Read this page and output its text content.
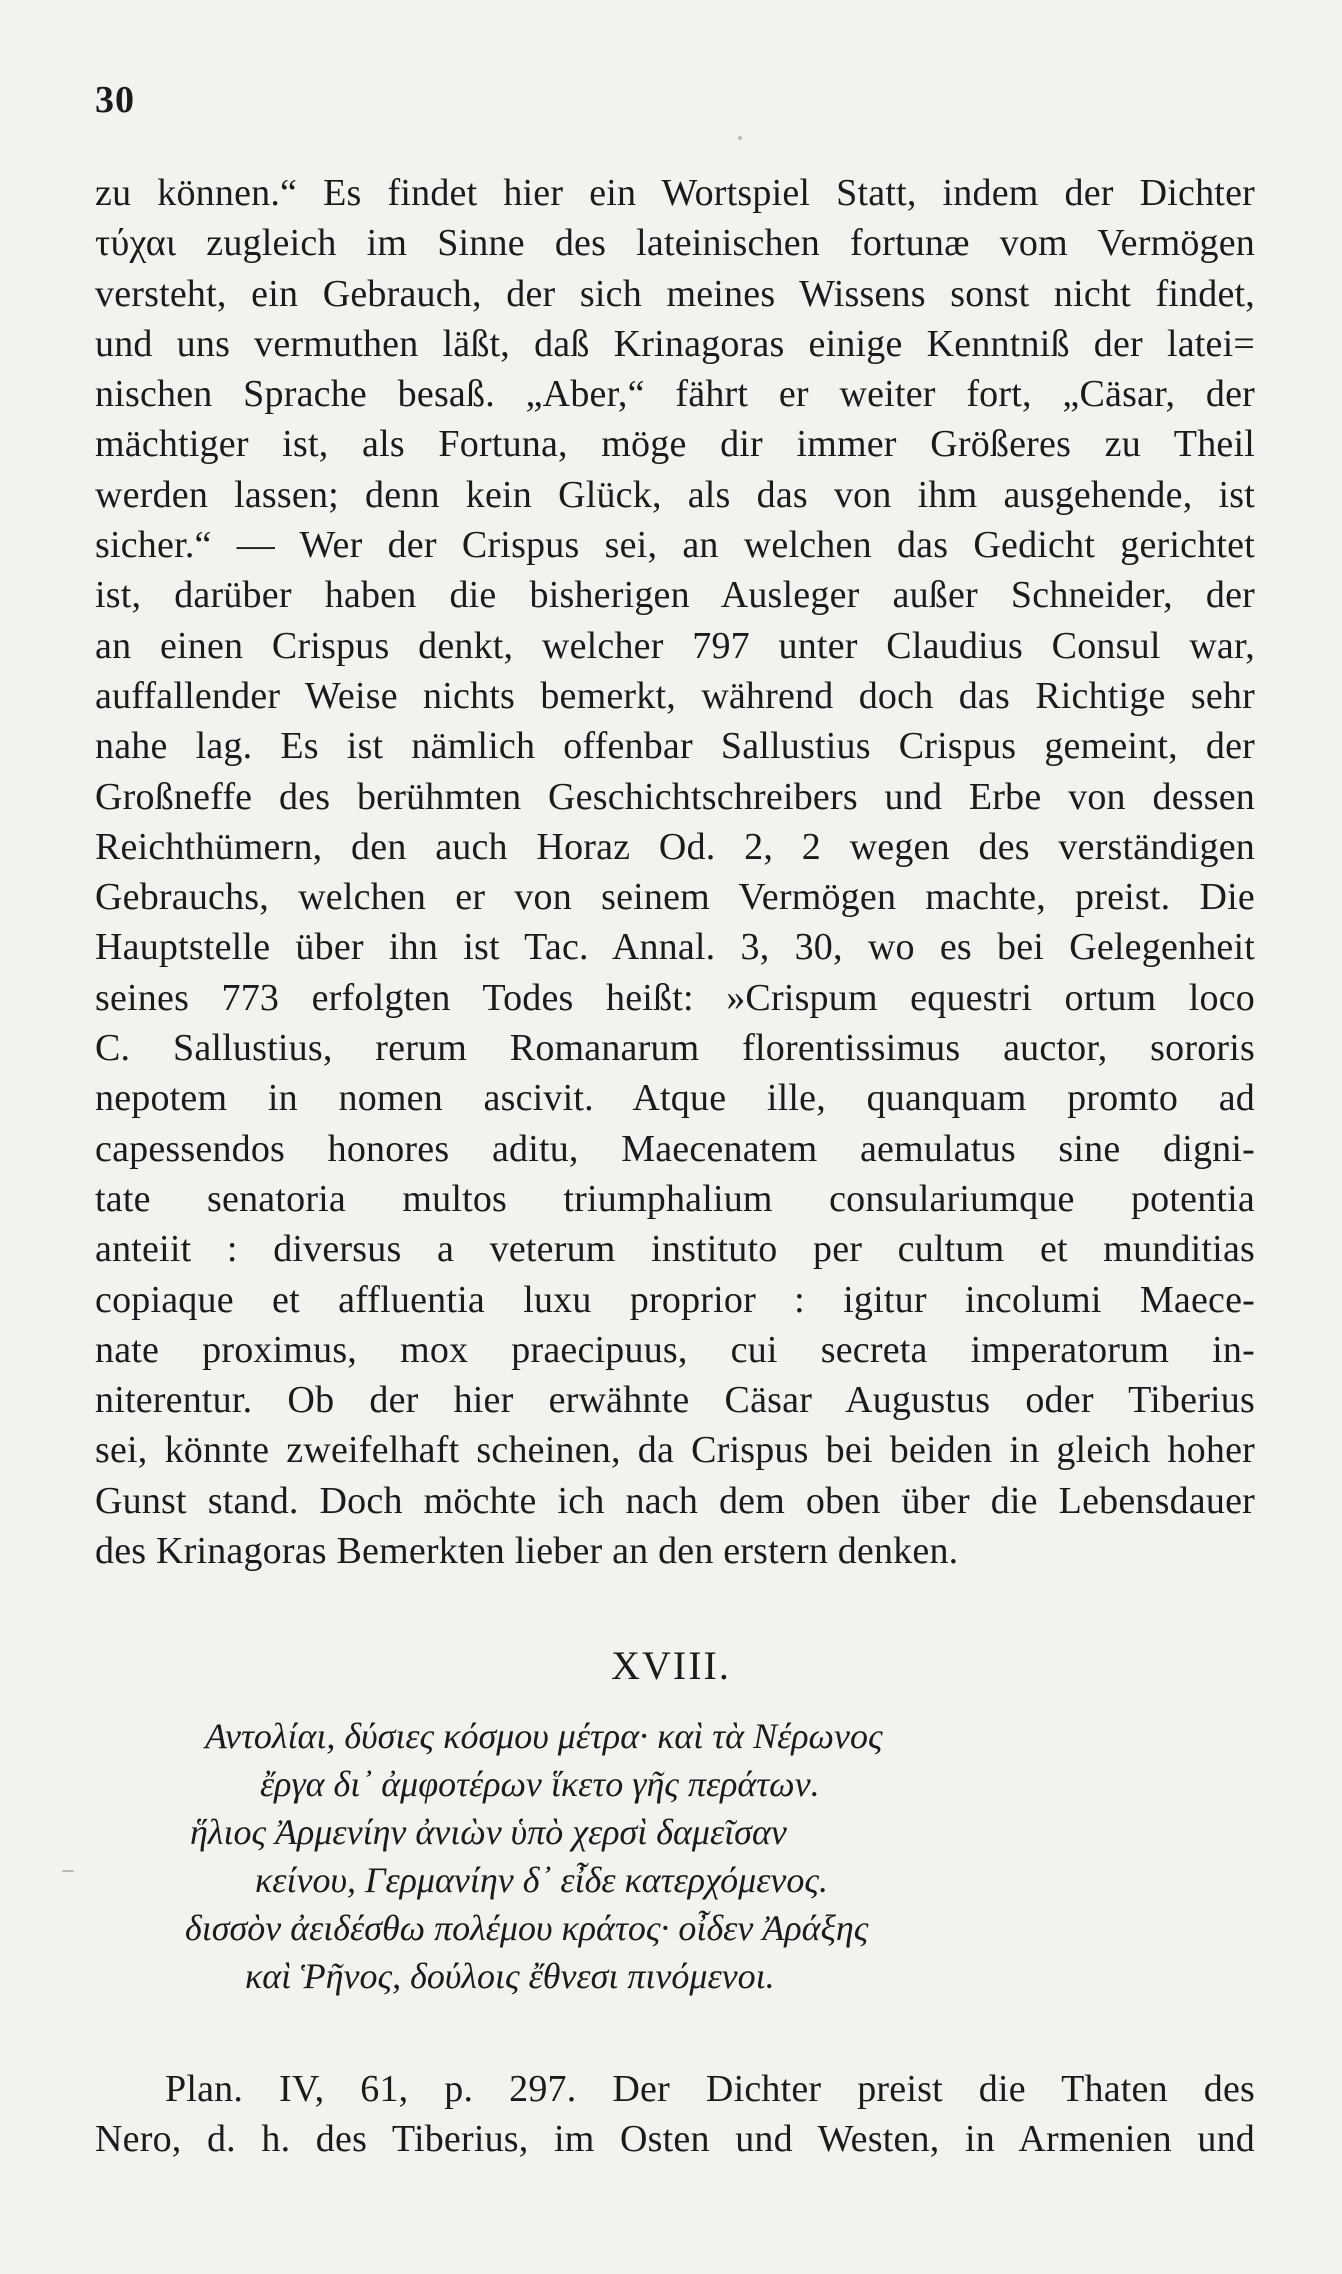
30
zu können.“ Es findet hier ein Wortspiel Statt, indem der Dichter
τύχαι zugleich im Sinne des lateinischen fortunæ vom Vermögen
versteht, ein Gebrauch, der sich meines Wissens sonst nicht findet,
und uns vermuthen läßt, daß Krinagoras einige Kenntniß der latei=
nischen Sprache besaß. „Aber,“ fährt er weiter fort, „Cäsar, der
mächtiger ist, als Fortuna, möge dir immer Größeres zu Theil
werden lassen; denn kein Glück, als das von ihm ausgehende, ist
sicher.“ — Wer der Crispus sei, an welchen das Gedicht gerichtet
ist, darüber haben die bisherigen Ausleger außer Schneider, der
an einen Crispus denkt, welcher 797 unter Claudius Consul war,
auffallender Weise nichts bemerkt, während doch das Richtige sehr
nahe lag. Es ist nämlich offenbar Sallustius Crispus gemeint, der
Großneffe des berühmten Geschichtschreibers und Erbe von dessen
Reichthümern, den auch Horaz Od. 2, 2 wegen des verständigen
Gebrauchs, welchen er von seinem Vermögen machte, preist. Die
Hauptstelle über ihn ist Tac. Annal. 3, 30, wo es bei Gelegenheit
seines 773 erfolgten Todes heißt: »Crispum equestri ortum loco
C. Sallustius, rerum Romanarum florentissimus auctor, sororis
nepotem in nomen ascivit. Atque ille, quanquam promto ad
capessendos honores aditu, Maecenatem aemulatus sine digni-
tate senatoria multos triumphalium consulariumque potentia
anteiit : diversus a veterum instituto per cultum et munditias
copiaque et affluentia luxu proprior : igitur incolumi Maece-
nate proximus, mox praecipuus, cui secreta imperatorum in-
niterentur. Ob der hier erwähnte Cäsar Augustus oder Tiberius
sei, könnte zweifelhaft scheinen, da Crispus bei beiden in gleich hoher
Gunst stand. Doch möchte ich nach dem oben über die Lebensdauer
des Krinagoras Bemerkten lieber an den erstern denken.
XVIII.
Αντολίαι, δύσιες κόσμου μέτρα· καὶ τὰ Νέρωνος
ἔργα δι᾽ ἀμφοτέρων ἵκετο γῆς περάτων.
ἥλιος Ἀρμενίην ἀνιὼν ὑπὸ χερσὶ δαμεῖσαν
κείνου, Γερμανίην δ᾽ εἶδε κατερχόμενος.
δισσὸν ἀειδέσθω πολέμου κράτος· οἶδεν Ἀράξης
καὶ Ῥῆνος, δούλοις ἔθνεσι πινόμενοι.
Plan. IV, 61, p. 297. Der Dichter preist die Thaten des
Nero, d. h. des Tiberius, im Osten und Westen, in Armenien und
